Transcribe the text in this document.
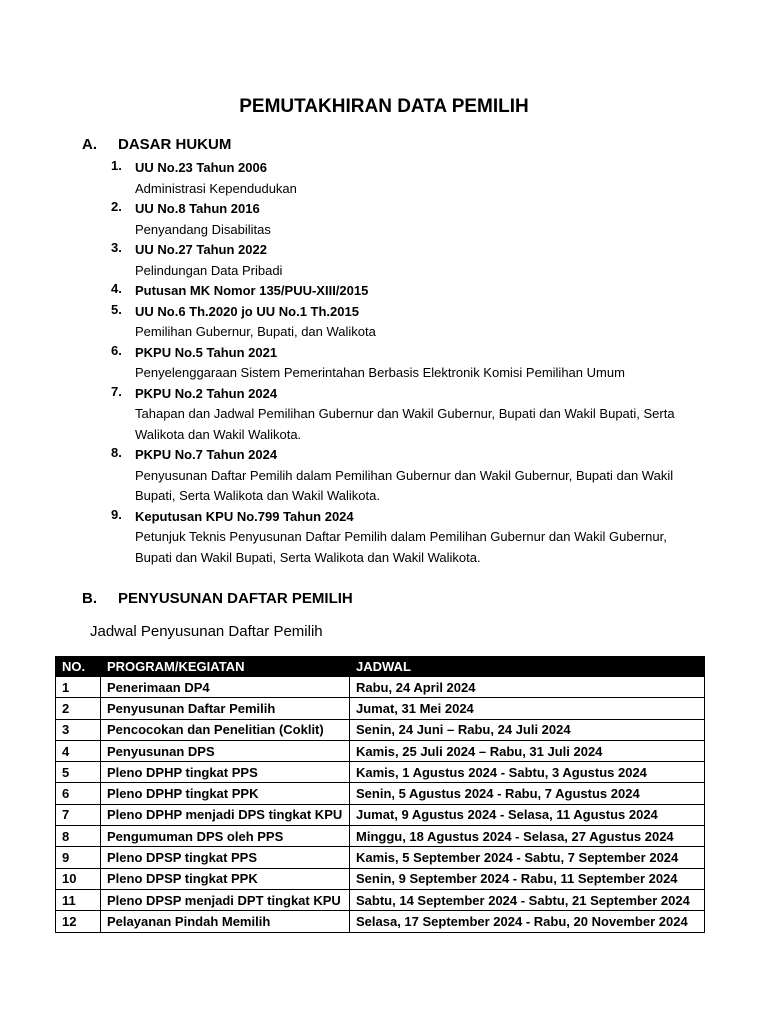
PEMUTAKHIRAN DATA PEMILIH
A. DASAR HUKUM
1. UU No.23 Tahun 2006
Administrasi Kependudukan
2. UU No.8 Tahun 2016
Penyandang Disabilitas
3. UU No.27 Tahun 2022
Pelindungan Data Pribadi
4. Putusan MK Nomor 135/PUU-XIII/2015
5. UU No.6 Th.2020 jo UU No.1 Th.2015
Pemilihan Gubernur, Bupati, dan Walikota
6. PKPU No.5 Tahun 2021
Penyelenggaraan Sistem Pemerintahan Berbasis Elektronik Komisi Pemilihan Umum
7. PKPU No.2 Tahun 2024
Tahapan dan Jadwal Pemilihan Gubernur dan Wakil Gubernur, Bupati dan Wakil Bupati, Serta Walikota dan Wakil Walikota.
8. PKPU No.7 Tahun 2024
Penyusunan Daftar Pemilih dalam Pemilihan Gubernur dan Wakil Gubernur, Bupati dan Wakil Bupati, Serta Walikota dan Wakil Walikota.
9. Keputusan KPU No.799 Tahun 2024
Petunjuk Teknis Penyusunan Daftar Pemilih dalam Pemilihan Gubernur dan Wakil Gubernur, Bupati dan Wakil Bupati, Serta Walikota dan Wakil Walikota.
B. PENYUSUNAN DAFTAR PEMILIH
Jadwal Penyusunan Daftar Pemilih
NO.	PROGRAM/KEGIATAN	JADWAL
1	Penerimaan DP4	Rabu, 24 April 2024
2	Penyusunan Daftar Pemilih	Jumat, 31 Mei 2024
3	Pencocokan dan Penelitian (Coklit)	Senin, 24 Juni – Rabu, 24 Juli 2024
4	Penyusunan DPS	Kamis, 25 Juli 2024 – Rabu, 31 Juli 2024
5	Pleno DPHP tingkat PPS	Kamis, 1 Agustus 2024 - Sabtu, 3 Agustus 2024
6	Pleno DPHP tingkat PPK	Senin, 5 Agustus 2024 - Rabu, 7 Agustus 2024
7	Pleno DPHP menjadi DPS tingkat KPU	Jumat, 9 Agustus 2024 - Selasa, 11 Agustus 2024
8	Pengumuman DPS oleh PPS	Minggu, 18 Agustus 2024 - Selasa, 27 Agustus 2024
9	Pleno DPSP tingkat PPS	Kamis, 5 September 2024 - Sabtu, 7 September 2024
10	Pleno DPSP tingkat PPK	Senin, 9 September 2024 - Rabu, 11 September 2024
11	Pleno DPSP menjadi DPT tingkat KPU	Sabtu, 14 September 2024 - Sabtu, 21 September 2024
12	Pelayanan Pindah Memilih	Selasa, 17 September 2024 - Rabu, 20 November 2024
